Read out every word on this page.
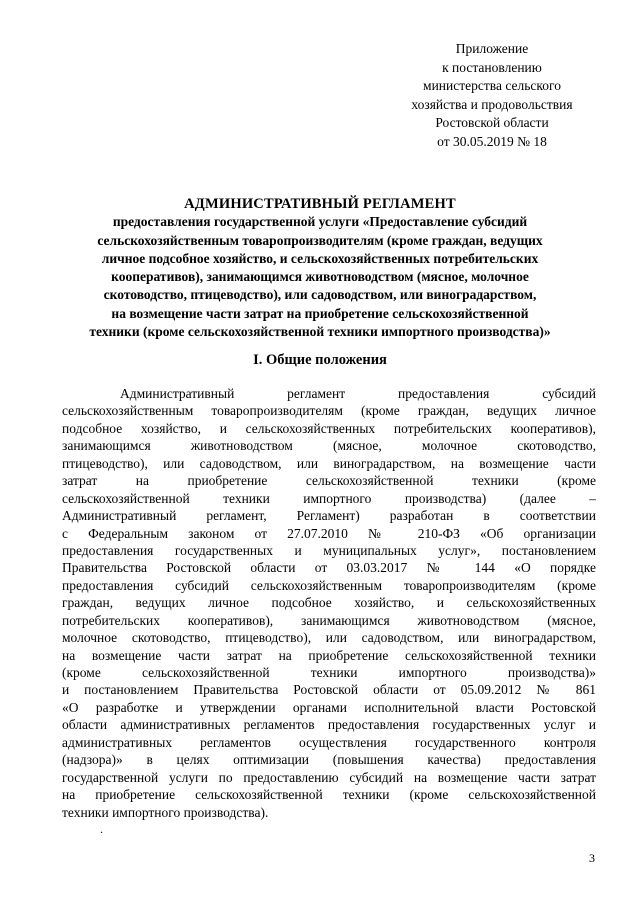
Приложение
к постановлению
министерства сельского
хозяйства и продовольствия
Ростовской области
от 30.05.2019 № 18
АДМИНИСТРАТИВНЫЙ РЕГЛАМЕНТ
предоставления государственной услуги «Предоставление субсидий
сельскохозяйственным товаропроизводителям (кроме граждан, ведущих
личное подсобное хозяйство, и сельскохозяйственных потребительских
кооперативов), занимающимся животноводством (мясное, молочное
скотоводство, птицеводство), или садоводством, или виноградарством,
на возмещение части затрат на приобретение сельскохозяйственной
техники (кроме сельскохозяйственной техники импортного производства)»
I. Общие положения
Административный регламент предоставления субсидий
сельскохозяйственным товаропроизводителям (кроме граждан, ведущих личное
подсобное хозяйство, и сельскохозяйственных потребительских кооперативов),
занимающимся животноводством (мясное, молочное скотоводство,
птицеводство), или садоводством, или виноградарством, на возмещение части
затрат на приобретение сельскохозяйственной техники (кроме
сельскохозяйственной техники импортного производства) (далее –
Административный регламент, Регламент) разработан в соответствии
с Федеральным законом от 27.07.2010 № 210-ФЗ «Об организации
предоставления государственных и муниципальных услуг», постановлением
Правительства Ростовской области от 03.03.2017 № 144 «О порядке
предоставления субсидий сельскохозяйственным товаропроизводителям (кроме
граждан, ведущих личное подсобное хозяйство, и сельскохозяйственных
потребительских кооперативов), занимающимся животноводством (мясное,
молочное скотоводство, птицеводство), или садоводством, или виноградарством,
на возмещение части затрат на приобретение сельскохозяйственной техники
(кроме сельскохозяйственной техники импортного производства)»
и постановлением Правительства Ростовской области от 05.09.2012 № 861
«О разработке и утверждении органами исполнительной власти Ростовской
области административных регламентов предоставления государственных услуг и
административных регламентов осуществления государственного контроля
(надзора)» в целях оптимизации (повышения качества) предоставления
государственной услуги по предоставлению субсидий на возмещение части затрат
на приобретение сельскохозяйственной техники (кроме сельскохозяйственной
техники импортного производства).
.
3
